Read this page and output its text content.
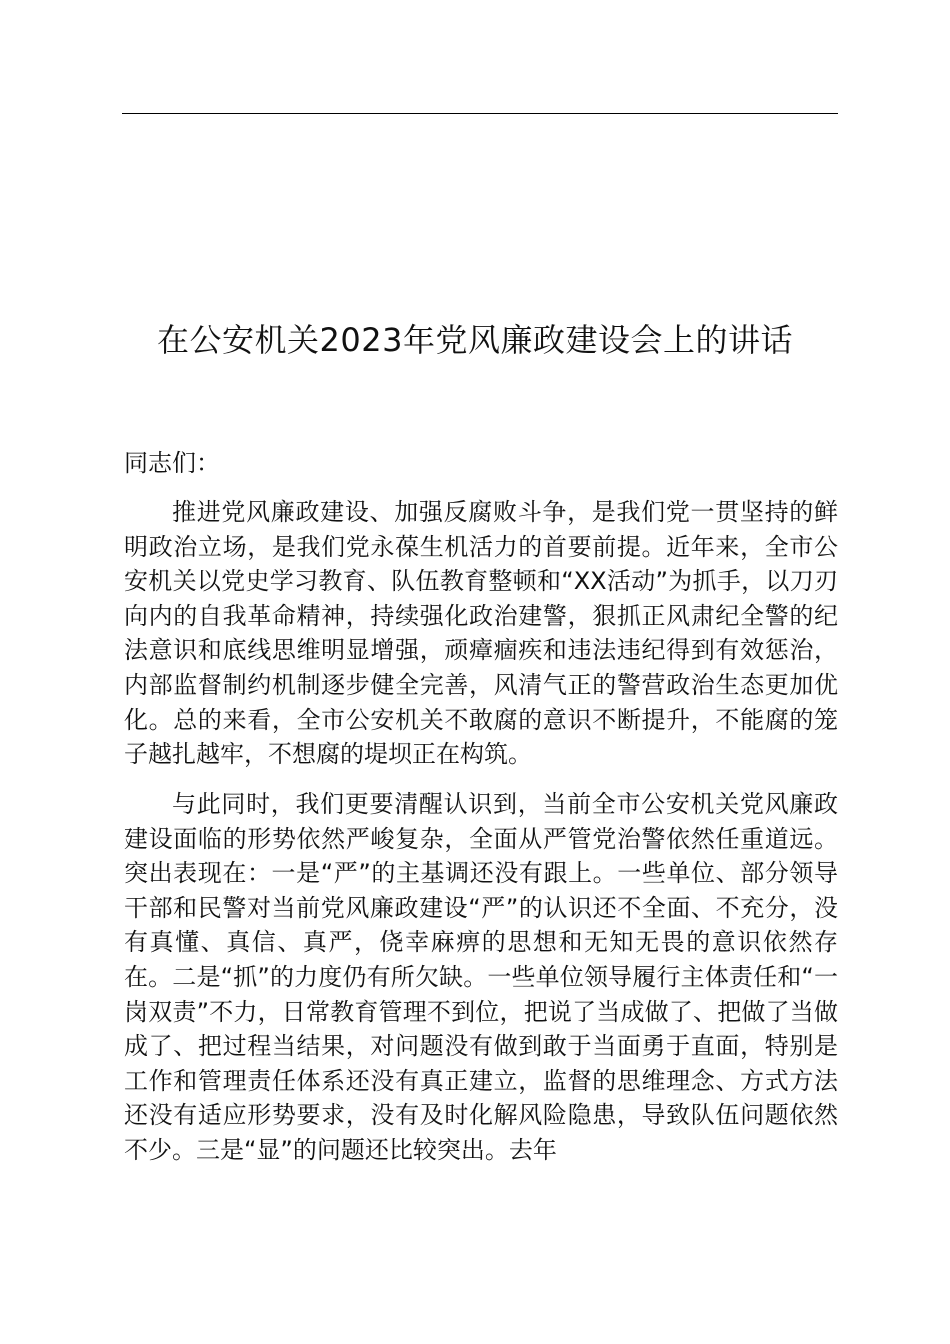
在公安机关2023年党风廉政建设会上的讲话

同志们：

推进党风廉政建设、加强反腐败斗争，是我们党一贯坚持的鲜明政治立场，是我们党永葆生机活力的首要前提。近年来，全市公安机关以党史学习教育、队伍教育整顿和“XX活动”为抓手，以刀刃向内的自我革命精神，持续强化政治建警，狠抓正风肃纪全警的纪法意识和底线思维明显增强，顽瘴痼疾和违法违纪得到有效惩治，内部监督制约机制逐步健全完善，风清气正的警营政治生态更加优化。总的来看，全市公安机关不敢腐的意识不断提升，不能腐的笼子越扎越牢，不想腐的堤坝正在构筑。

与此同时，我们更要清醒认识到，当前全市公安机关党风廉政建设面临的形势依然严峻复杂，全面从严管党治警依然任重道远。突出表现在：一是“严”的主基调还没有跟上。一些单位、部分领导干部和民警对当前党风廉政建设“严”的认识还不全面、不充分，没有真懂、真信、真严，侥幸麻痹的思想和无知无畏的意识依然存在。二是“抓”的力度仍有所欠缺。一些单位领导履行主体责任和“一岗双责”不力，日常教育管理不到位，把说了当成做了、把做了当做成了、把过程当结果，对问题没有做到敢于当面勇于直面，特别是工作和管理责任体系还没有真正建立，监督的思维理念、方式方法还没有适应形势要求，没有及时化解风险隐患，导致队伍问题依然不少。三是“显”的问题还比较突出。去年
